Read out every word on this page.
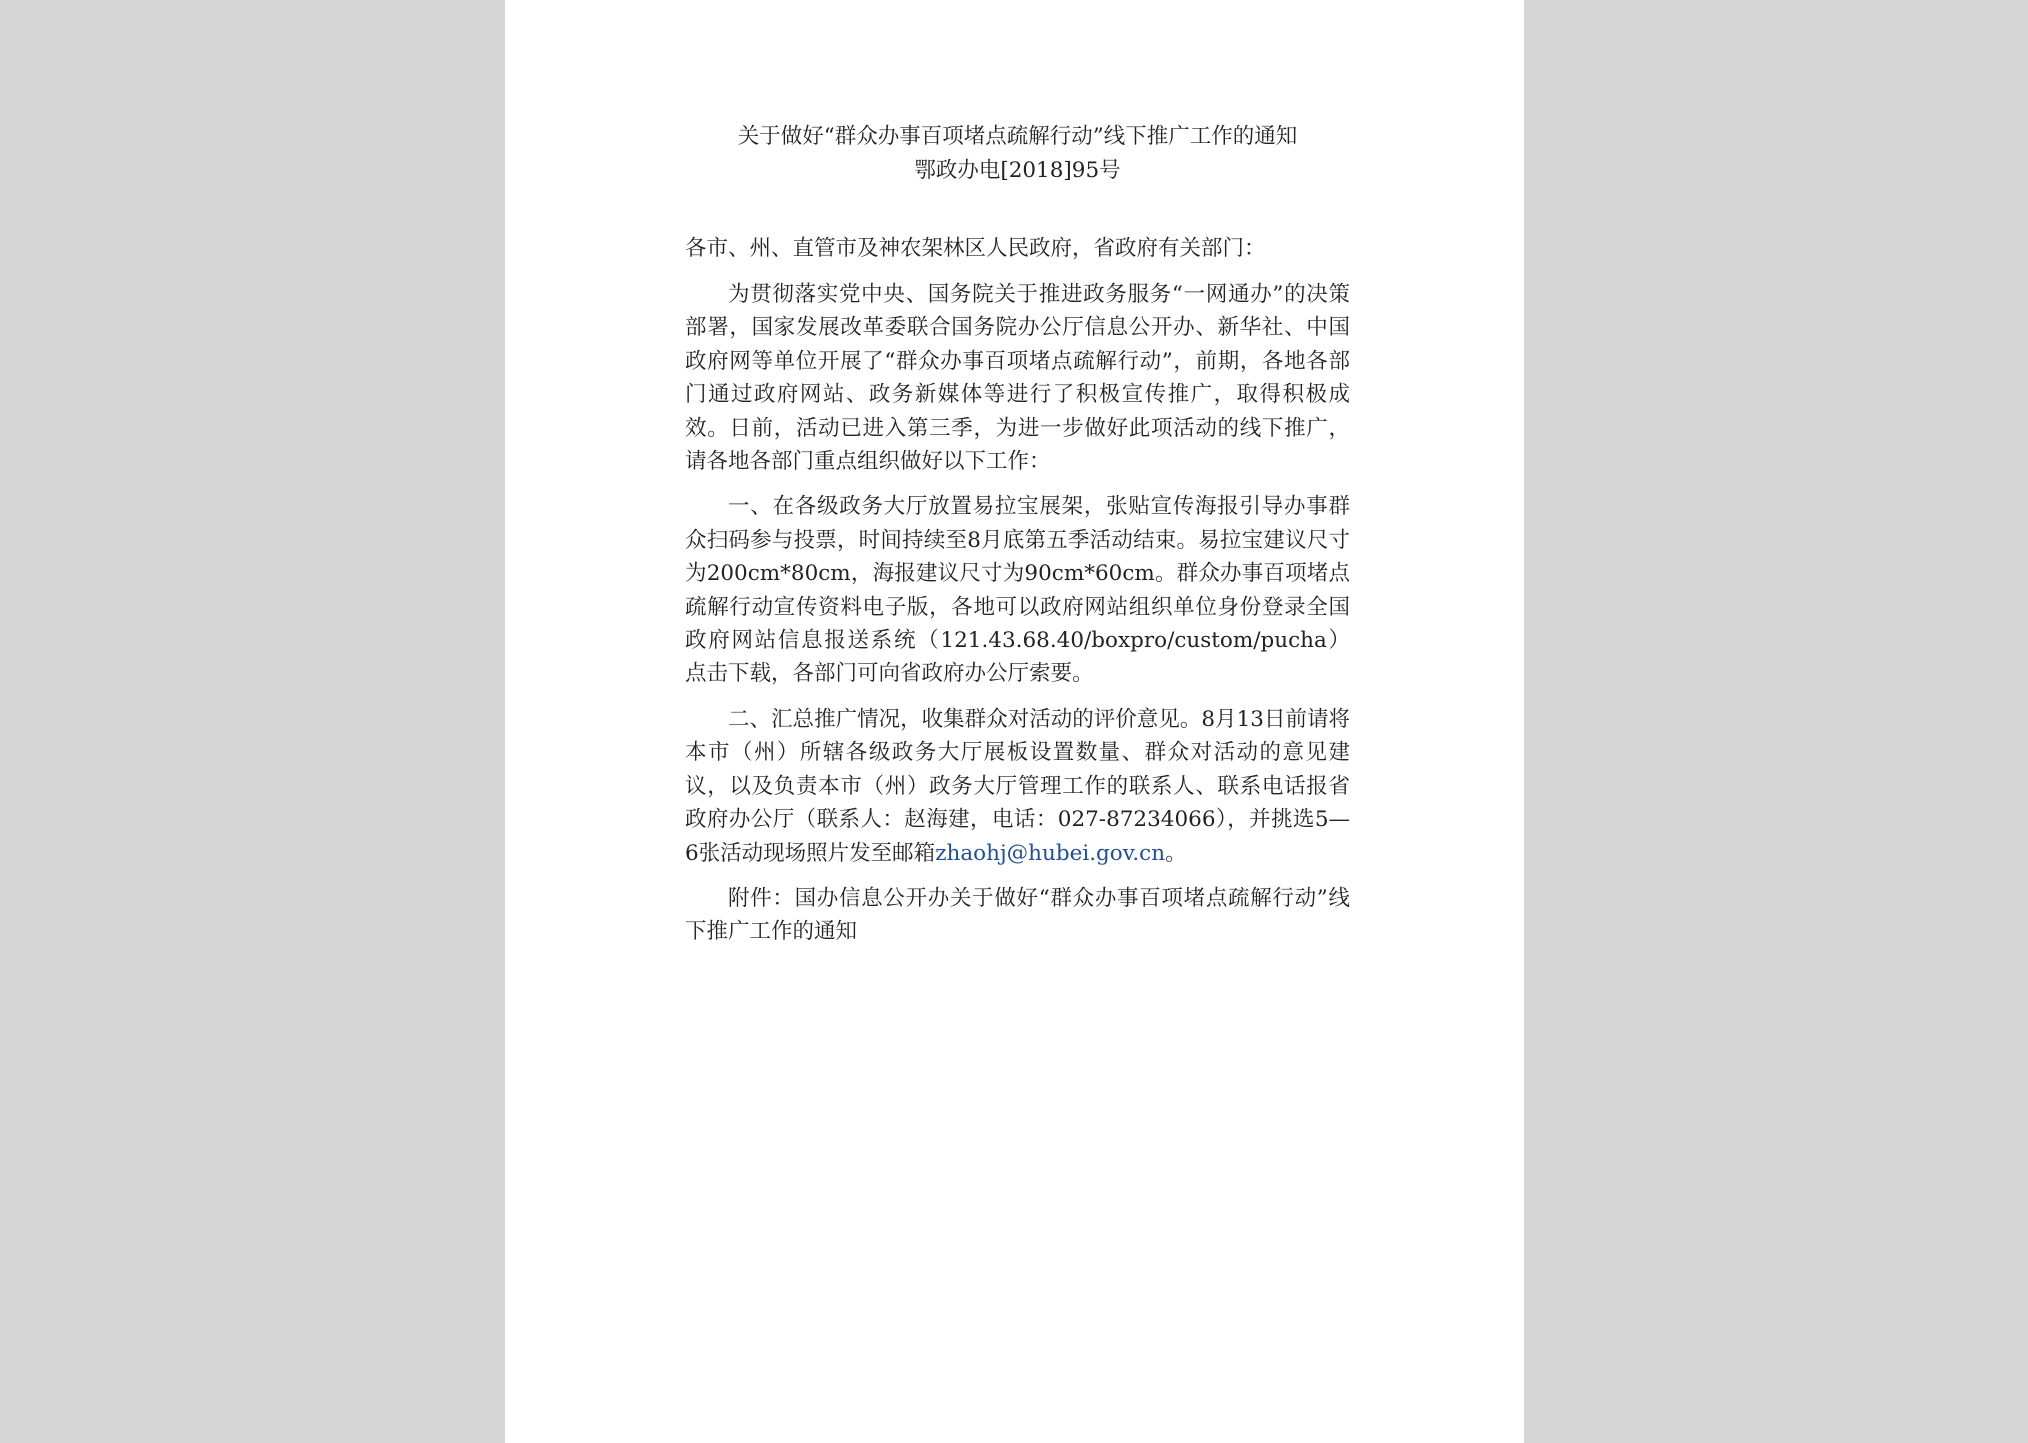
关于做好“群众办事百项堵点疏解行动”线下推广工作的通知
鄂政办电[2018]95号
各市、州、直管市及神农架林区人民政府，省政府有关部门：

为贯彻落实党中央、国务院关于推进政务服务“一网通办”的决策部署，国家发展改革委联合国务院办公厅信息公开办、新华社、中国政府网等单位开展了“群众办事百项堵点疏解行动”，前期，各地各部门通过政府网站、政务新媒体等进行了积极宣传推广，取得积极成效。日前，活动已进入第三季，为进一步做好此项活动的线下推广，请各地各部门重点组织做好以下工作：

一、在各级政务大厅放置易拉宝展架，张贴宣传海报引导办事群众扫码参与投票，时间持续至8月底第五季活动结束。易拉宝建议尺寸为200cm*80cm，海报建议尺寸为90cm*60cm。群众办事百项堵点疏解行动宣传资料电子版，各地可以政府网站组织单位身份登录全国政府网站信息报送系统（121.43.68.40/boxpro/custom/pucha）点击下载，各部门可向省政府办公厅索要。

二、汇总推广情况，收集群众对活动的评价意见。8月13日前请将本市（州）所辖各级政务大厅展板设置数量、群众对活动的意见建议，以及负责本市（州）政务大厅管理工作的联系人、联系电话报省政府办公厅（联系人：赵海建，电话：027-87234066），并挑选5—6张活动现场照片发至邮箱zhaohj@hubei.gov.cn。

附件：国办信息公开办关于做好“群众办事百项堵点疏解行动”线下推广工作的通知
